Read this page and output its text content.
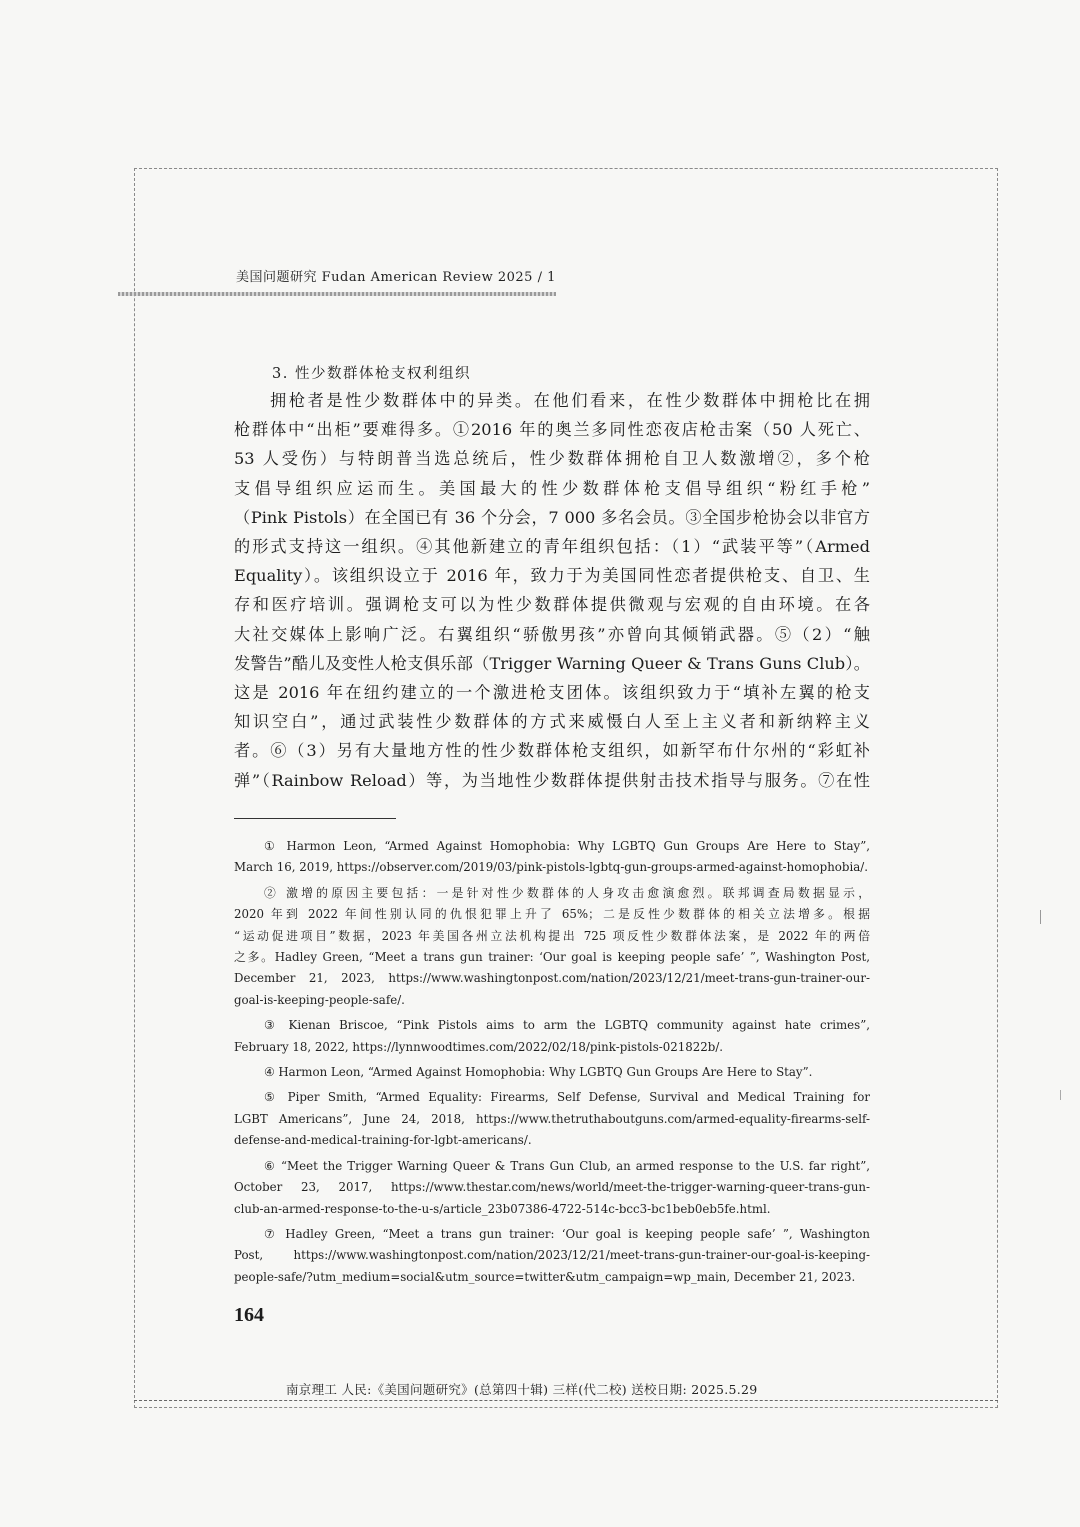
美国问题研究 Fudan American Review 2025 / 1
3. 性少数群体枪支权利组织
拥枪者是性少数群体中的异类。在他们看来，在性少数群体中拥枪比在拥
枪群体中“出柜”要难得多。①2016 年的奥兰多同性恋夜店枪击案（50 人死亡、
53 人受伤）与特朗普当选总统后，性少数群体拥枪自卫人数激增②，多个枪
支倡导组织应运而生。美国最大的性少数群体枪支倡导组织“粉红手枪”
（Pink Pistols）在全国已有 36 个分会，7 000 多名会员。③全国步枪协会以非官方
的形式支持这一组织。④其他新建立的青年组织包括：（1）“武装平等”（Armed
Equality）。该组织设立于 2016 年，致力于为美国同性恋者提供枪支、自卫、生
存和医疗培训。强调枪支可以为性少数群体提供微观与宏观的自由环境。在各
大社交媒体上影响广泛。右翼组织“骄傲男孩”亦曾向其倾销武器。⑤（2）“触
发警告”酷儿及变性人枪支俱乐部（Trigger Warning Queer & Trans Guns Club）。
这是 2016 年在纽约建立的一个激进枪支团体。该组织致力于“填补左翼的枪支
知识空白”，通过武装性少数群体的方式来威慑白人至上主义者和新纳粹主义
者。⑥（3）另有大量地方性的性少数群体枪支组织，如新罕布什尔州的“彩虹补
弹”（Rainbow Reload）等，为当地性少数群体提供射击技术指导与服务。⑦在性
① Harmon Leon, “Armed Against Homophobia: Why LGBTQ Gun Groups Are Here to Stay”,
March 16, 2019, https://observer.com/2019/03/pink-pistols-lgbtq-gun-groups-armed-against-homophobia/.
② 激增的原因主要包括：一是针对性少数群体的人身攻击愈演愈烈。联邦调查局数据显示，
2020 年到 2022 年间性别认同的仇恨犯罪上升了 65%；二是反性少数群体的相关立法增多。根据
“运动促进项目”数据，2023 年美国各州立法机构提出 725 项反性少数群体法案，是 2022 年的两倍
之多。Hadley Green, “Meet a trans gun trainer: ‘Our goal is keeping people safe’ ”, Washington Post,
December 21, 2023, https://www.washingtonpost.com/nation/2023/12/21/meet-trans-gun-trainer-our-
goal-is-keeping-people-safe/.
③ Kienan Briscoe, “Pink Pistols aims to arm the LGBTQ community against hate crimes”,
February 18, 2022, https://lynnwoodtimes.com/2022/02/18/pink-pistols-021822b/.
④ Harmon Leon, “Armed Against Homophobia: Why LGBTQ Gun Groups Are Here to Stay”.
⑤ Piper Smith, “Armed Equality: Firearms, Self Defense, Survival and Medical Training for
LGBT Americans”, June 24, 2018, https://www.thetruthaboutguns.com/armed-equality-firearms-self-
defense-and-medical-training-for-lgbt-americans/.
⑥ “Meet the Trigger Warning Queer & Trans Gun Club, an armed response to the U.S. far right”,
October 23, 2017, https://www.thestar.com/news/world/meet-the-trigger-warning-queer-trans-gun-
club-an-armed-response-to-the-u-s/article_23b07386-4722-514c-bcc3-bc1beb0eb5fe.html.
⑦ Hadley Green, “Meet a trans gun trainer: ‘Our goal is keeping people safe’ ”, Washington
Post, https://www.washingtonpost.com/nation/2023/12/21/meet-trans-gun-trainer-our-goal-is-keeping-
people-safe/?utm_medium=social&utm_source=twitter&utm_campaign=wp_main, December 21, 2023.
164
南京理工 人民:《美国问题研究》(总第四十辑) 三样(代二校) 送校日期: 2025.5.29
